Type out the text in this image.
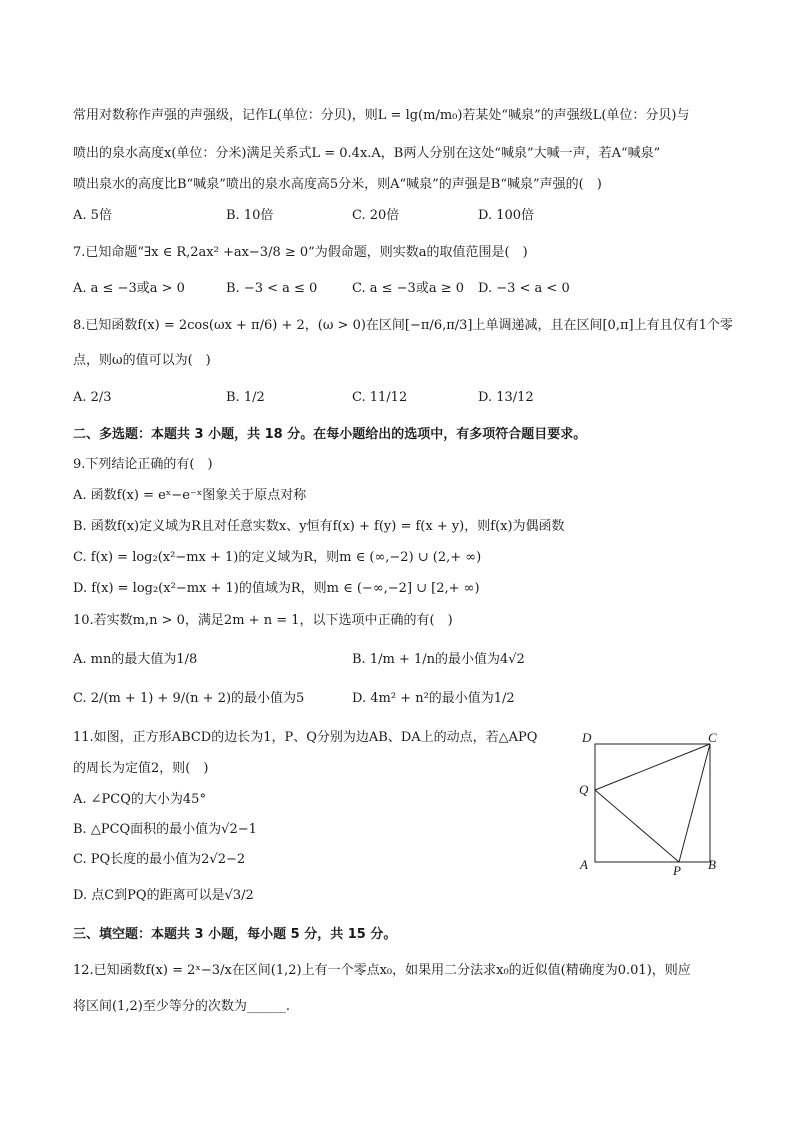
常用对数称作声强的声强级，记作L(单位：分贝)，则L = lg(m/m₀)若某处“喊泉”的声强级L(单位：分贝)与
喷出的泉水高度x(单位：分米)满足关系式L = 0.4x.A，B两人分别在这处“喊泉”大喊一声，若A“喊泉”
喷出泉水的高度比B“喊泉”喷出的泉水高度高5分米，则A“喊泉”的声强是B“喊泉”声强的(　)
A. 5倍	B. 10倍	C. 20倍	D. 100倍
7.已知命题“∃x ∈ R,2ax² +ax−3/8 ≥ 0”为假命题，则实数a的取值范围是(　)
A. a ≤ −3或a > 0	B. −3 < a ≤ 0	C. a ≤ −3或a ≥ 0 D. −3 < a < 0
8.已知函数f(x) = 2cos(ωx + π/6) + 2，(ω > 0)在区间[−π/6,π/3]上单调递减，且在区间[0,π]上有且仅有1个零
点，则ω的值可以为(　)
A. 2/3	B. 1/2	C. 11/12	D. 13/12
二、多选题：本题共 3 小题，共 18 分。在每小题给出的选项中，有多项符合题目要求。
9.下列结论正确的有(　)
A. 函数f(x) = eˣ−e⁻ˣ图象关于原点对称
B. 函数f(x)定义域为R且对任意实数x、y恒有f(x) + f(y) = f(x + y)，则f(x)为偶函数
C. f(x) = log₂(x²−mx + 1)的定义域为R，则m ∈ (∞,−2) ∪ (2,+ ∞)
D. f(x) = log₂(x²−mx + 1)的值域为R，则m ∈ (−∞,−2] ∪ [2,+ ∞)
10.若实数m,n > 0，满足2m + n = 1，以下选项中正确的有(　)
A. mn的最大值为1/8	B. 1/m + 1/n的最小值为4√2
C. 2/(m + 1) + 9/(n + 2)的最小值为5	D. 4m² + n²的最小值为1/2
11.如图，正方形ABCD的边长为1，P、Q分别为边AB、DA上的动点，若△APQ
的周长为定值2，则(　)
A. ∠PCQ的大小为45°
B. △PCQ面积的最小值为√2−1
C. PQ长度的最小值为2√2−2
D. 点C到PQ的距离可以是√3/2
D	C
Q
A	P B
三、填空题：本题共 3 小题，每小题 5 分，共 15 分。
12.已知函数f(x) = 2ˣ−3/x在区间(1,2)上有一个零点x₀，如果用二分法求x₀的近似值(精确度为0.01)，则应
将区间(1,2)至少等分的次数为______.
